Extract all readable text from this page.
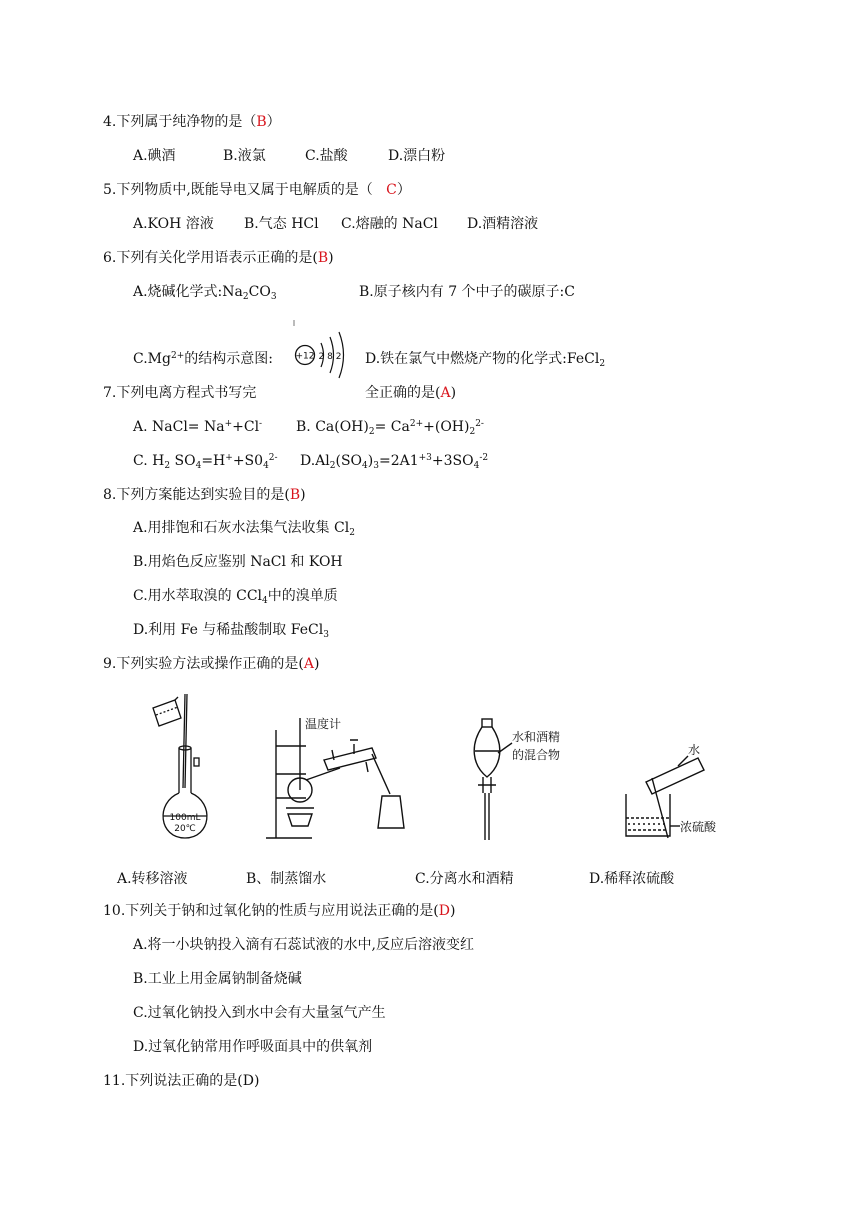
4.下列属于纯净物的是（B）
A.碘酒	B.液氯	C.盐酸	D.漂白粉
5.下列物质中,既能导电又属于电解质的是（ C）
A.KOH 溶液 B.气态 HCl C.熔融的 NaCl D.酒精溶液
6.下列有关化学用语表示正确的是(B)
A.烧碱化学式$:Na_2CO_3$	B.原子核内有 7 个中子的碳原子:C
$C.Mg^{2+}$的结构示意图:	+12 2 8 2 D.铁在氯气中燃烧产物的化学式:FeCl$_2$
7.下列电离方程式书写完	全正确的是(A)
A. NaCl= Na++Cl- B. $Ca(OH)_2= Ca^{2+}+(OH)_2^{2-}$
C. $H_2$ $SO_4=H^++S0_4^{2-}$ $D.Al_2(SO_4)_3=2A1^{+3}+3SO_4^{-2}$
8.下列方案能达到实验目的是(B)
A.用排饱和石灰水法集气法收集 $Cl_2$
B.用焰色反应鉴别 NaCl 和 KOH
C.用水萃取溴的 CCl$_4$中的溴单质
D.利用 Fe 与稀盐酸制取 FeCl$_3$
9.下列实验方法或操作正确的是(A)
100mL
20℃
温度计
水和酒精
的混合物	水
浓硫酸
A.转移溶液	B、制蒸馏水	C.分离水和酒精	D.稀释浓硫酸
10.下列关于钠和过氧化钠的性质与应用说法正确的是(D)
A.将一小块钠投入滴有石蕊试液的水中,反应后溶液变红
B.工业上用金属钠制备烧碱
C.过氧化钠投入到水中会有大量氢气产生
D.过氧化钠常用作呼吸面具中的供氧剂
11.下列说法正确的是(D)
